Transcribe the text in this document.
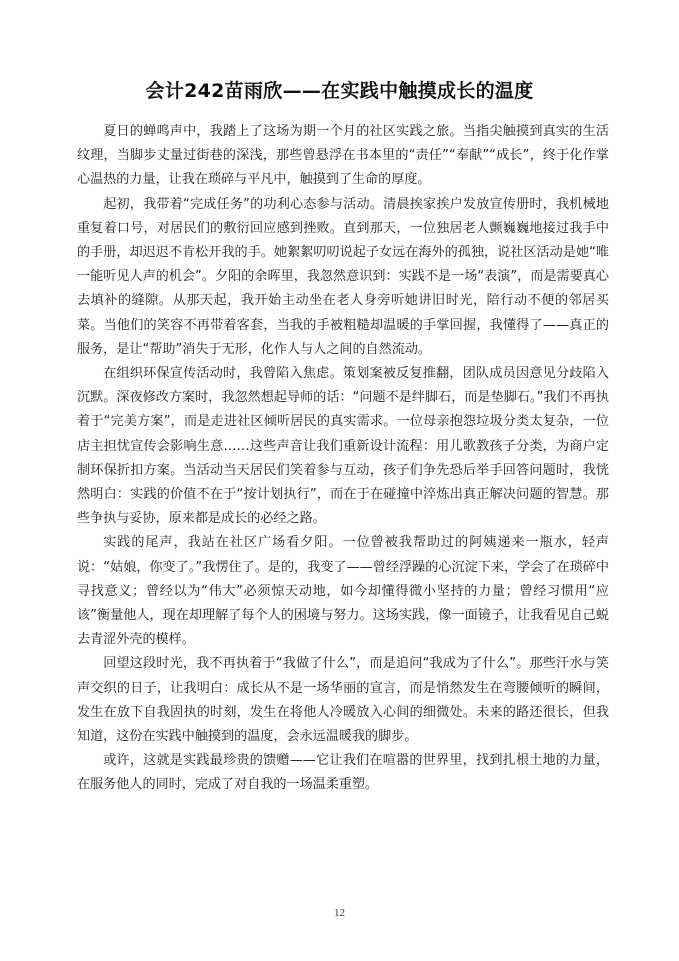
会计242苗雨欣——在实践中触摸成长的温度

夏日的蝉鸣声中，我踏上了这场为期一个月的社区实践之旅。当指尖触摸到真实的生活纹理，当脚步丈量过街巷的深浅，那些曾悬浮在书本里的“责任”“奉献”“成长”，终于化作掌心温热的力量，让我在琐碎与平凡中，触摸到了生命的厚度。

起初，我带着“完成任务”的功利心态参与活动。清晨挨家挨户发放宣传册时，我机械地重复着口号，对居民们的敷衍回应感到挫败。直到那天，一位独居老人颤巍巍地接过我手中的手册，却迟迟不肯松开我的手。她絮絮叨叨说起子女远在海外的孤独，说社区活动是她“唯一能听见人声的机会”。夕阳的余晖里，我忽然意识到：实践不是一场“表演”，而是需要真心去填补的缝隙。从那天起，我开始主动坐在老人身旁听她讲旧时光，陪行动不便的邻居买菜。当他们的笑容不再带着客套，当我的手被粗糙却温暖的手掌回握，我懂得了——真正的服务，是让“帮助”消失于无形，化作人与人之间的自然流动。

在组织环保宣传活动时，我曾陷入焦虑。策划案被反复推翻，团队成员因意见分歧陷入沉默。深夜修改方案时，我忽然想起导师的话：“问题不是绊脚石，而是垫脚石。”我们不再执着于“完美方案”，而是走进社区倾听居民的真实需求。一位母亲抱怨垃圾分类太复杂，一位店主担忧宣传会影响生意……这些声音让我们重新设计流程：用儿歌教孩子分类，为商户定制环保折扣方案。当活动当天居民们笑着参与互动，孩子们争先恐后举手回答问题时，我恍然明白：实践的价值不在于“按计划执行”，而在于在碰撞中淬炼出真正解决问题的智慧。那些争执与妥协，原来都是成长的必经之路。

实践的尾声，我站在社区广场看夕阳。一位曾被我帮助过的阿姨递来一瓶水，轻声说：“姑娘，你变了。”我愣住了。是的，我变了——曾经浮躁的心沉淀下来，学会了在琐碎中寻找意义；曾经以为“伟大”必须惊天动地，如今却懂得微小坚持的力量；曾经习惯用“应该”衡量他人，现在却理解了每个人的困境与努力。这场实践，像一面镜子，让我看见自己蜕去青涩外壳的模样。

回望这段时光，我不再执着于“我做了什么”，而是追问“我成为了什么”。那些汗水与笑声交织的日子，让我明白：成长从不是一场华丽的宣言，而是悄然发生在弯腰倾听的瞬间，发生在放下自我固执的时刻，发生在将他人冷暖放入心间的细微处。未来的路还很长，但我知道，这份在实践中触摸到的温度，会永远温暖我的脚步。

或许，这就是实践最珍贵的馈赠——它让我们在喧嚣的世界里，找到扎根土地的力量，在服务他人的同时，完成了对自我的一场温柔重塑。

12
